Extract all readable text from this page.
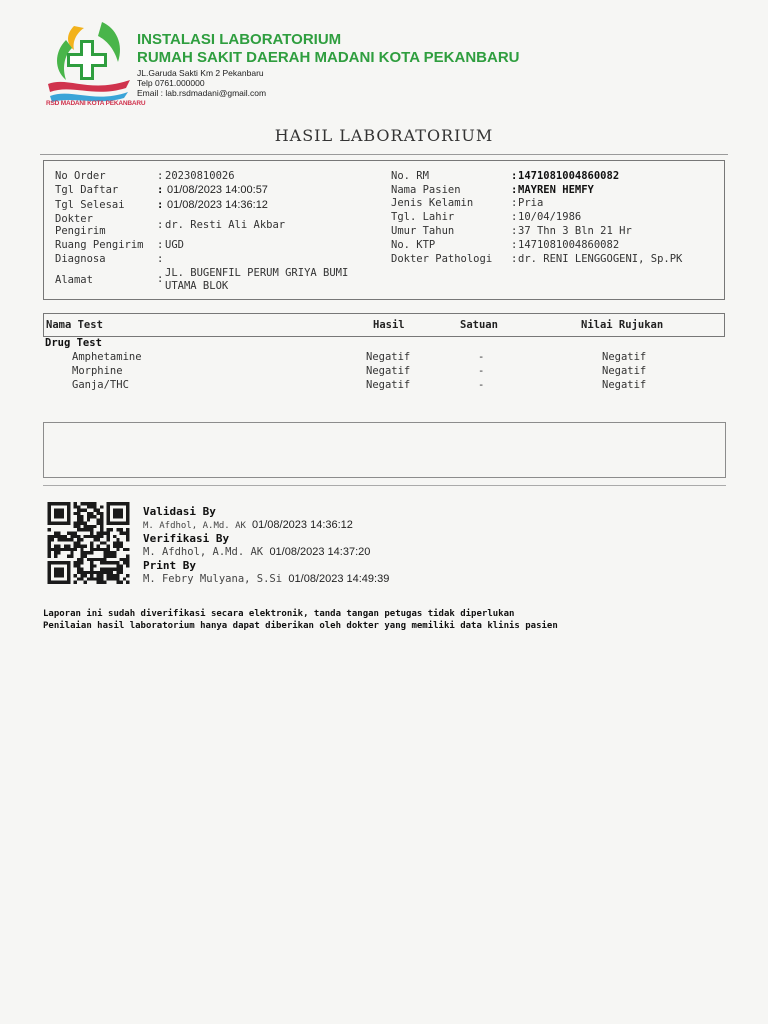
RSD MADANI KOTA PEKANBARU
INSTALASI LABORATORIUM
RUMAH SAKIT DAERAH MADANI KOTA PEKANBARU
JL.Garuda Sakti Km 2 Pekanbaru
Telp 0761.000000
Email : lab.rsdmadani@gmail.com
HASIL LABORATORIUM
No Order	: 20230810026
Tgl Daftar	: 01/08/2023 14:00:57
Tgl Selesai	: 01/08/2023 14:36:12
Dokter
Pengirim	: dr. Resti Ali Akbar
Ruang Pengirim : UGD
Diagnosa	:
Alamat	: JL. BUGENFIL PERUM GRIYA BUMI
UTAMA BLOK
No. RM	: 1471081004860082
Nama Pasien	: MAYREN HEMFY
Jenis Kelamin	: Pria
Tgl. Lahir	: 10/04/1986
Umur Tahun	: 37 Thn 3 Bln 21 Hr
No. KTP	: 1471081004860082
Dokter Pathologi : dr. RENI LENGGOGENI, Sp.PK
Nama Test	Hasil	Satuan	Nilai Rujukan
Drug Test
Amphetamine	Negatif	-	Negatif
Morphine	Negatif	-	Negatif
Ganja/THC	Negatif	-	Negatif
Validasi By
M. Afdhol, A.Md. AK 01/08/2023 14:36:12
Verifikasi By
M. Afdhol, A.Md. AK 01/08/2023 14:37:20
Print By
M. Febry Mulyana, S.Si 01/08/2023 14:49:39
Laporan ini sudah diverifikasi secara elektronik, tanda tangan petugas tidak diperlukan
Penilaian hasil laboratorium hanya dapat diberikan oleh dokter yang memiliki data klinis pasien
